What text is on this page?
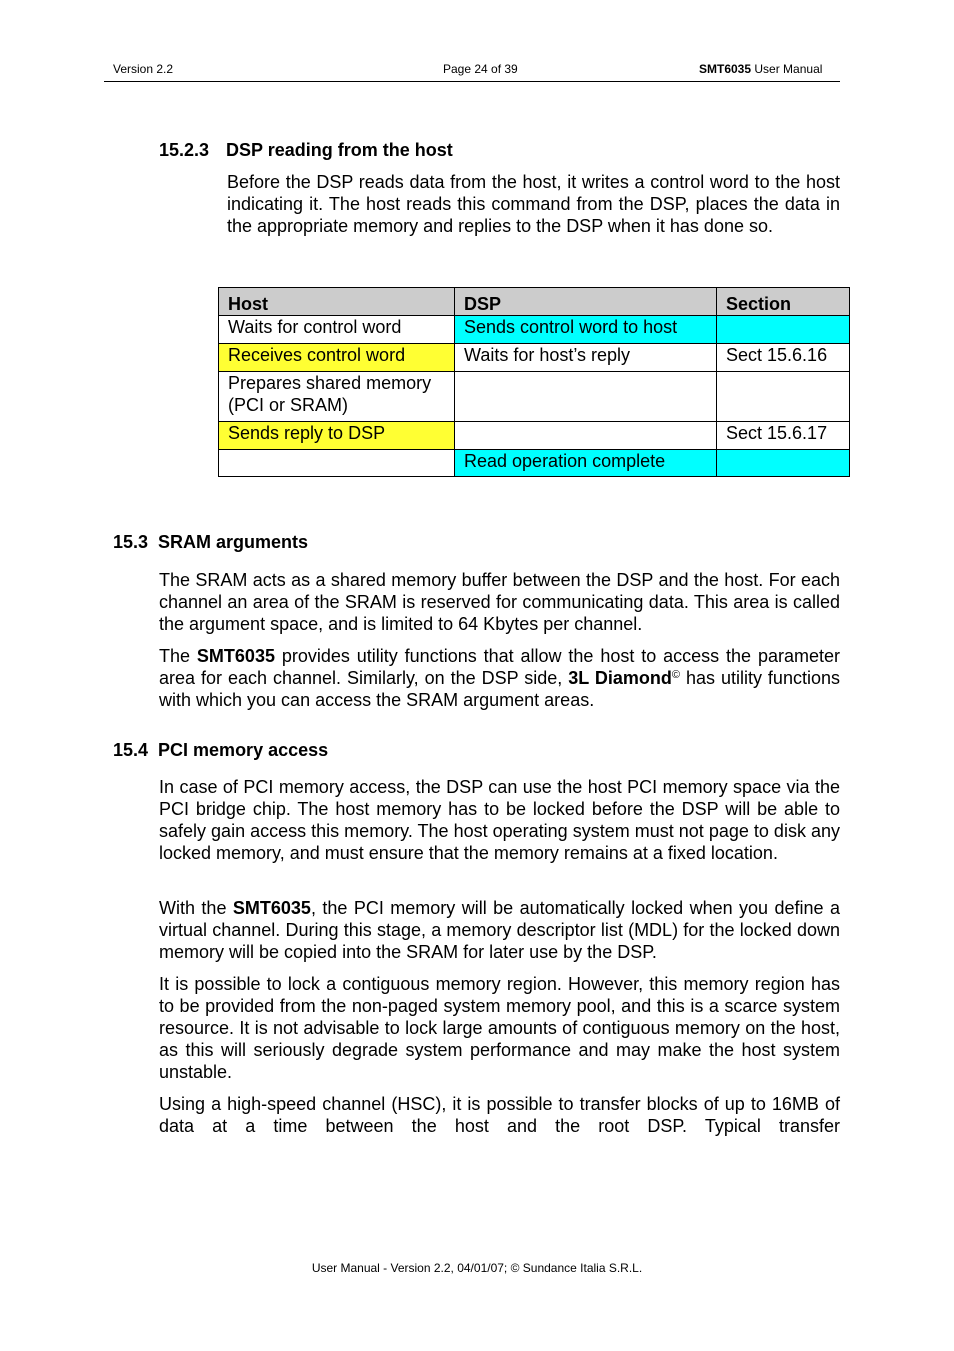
Version 2.2	Page 24 of 39	SMT6035 User Manual
15.2.3 DSP reading from the host
Before the DSP reads data from the host, it writes a control word to the host indicating it. The host reads this command from the DSP, places the data in the appropriate memory and replies to the DSP when it has done so.
Host	DSP	Section
Waits for control word	Sends control word to host	
Receives control word	Waits for host’s reply	Sect 15.6.16
Prepares shared memory (PCI or SRAM)		
Sends reply to DSP		Sect 15.6.17
	Read operation complete	
15.3  SRAM arguments
The SRAM acts as a shared memory buffer between the DSP and the host. For each channel an area of the SRAM is reserved for communicating data. This area is called the argument space, and is limited to 64 Kbytes per channel.
The SMT6035 provides utility functions that allow the host to access the parameter area for each channel. Similarly, on the DSP side, 3L Diamond© has utility functions with which you can access the SRAM argument areas.
15.4  PCI memory access
In case of PCI memory access, the DSP can use the host PCI memory space via the PCI bridge chip. The host memory has to be locked before the DSP will be able to safely gain access this memory. The host operating system must not page to disk any locked memory, and must ensure that the memory remains at a fixed location.
With the SMT6035, the PCI memory will be automatically locked when you define a virtual channel. During this stage, a memory descriptor list (MDL) for the locked down memory will be copied into the SRAM for later use by the DSP.
It is possible to lock a contiguous memory region. However, this memory region has to be provided from the non-paged system memory pool, and this is a scarce system resource. It is not advisable to lock large amounts of contiguous memory on the host, as this will seriously degrade system performance and may make the host system unstable.
Using a high-speed channel (HSC), it is possible to transfer blocks of up to 16MB of data at a time between the host and the root DSP. Typical transfer
User Manual - Version 2.2, 04/01/07; © Sundance Italia S.R.L.
